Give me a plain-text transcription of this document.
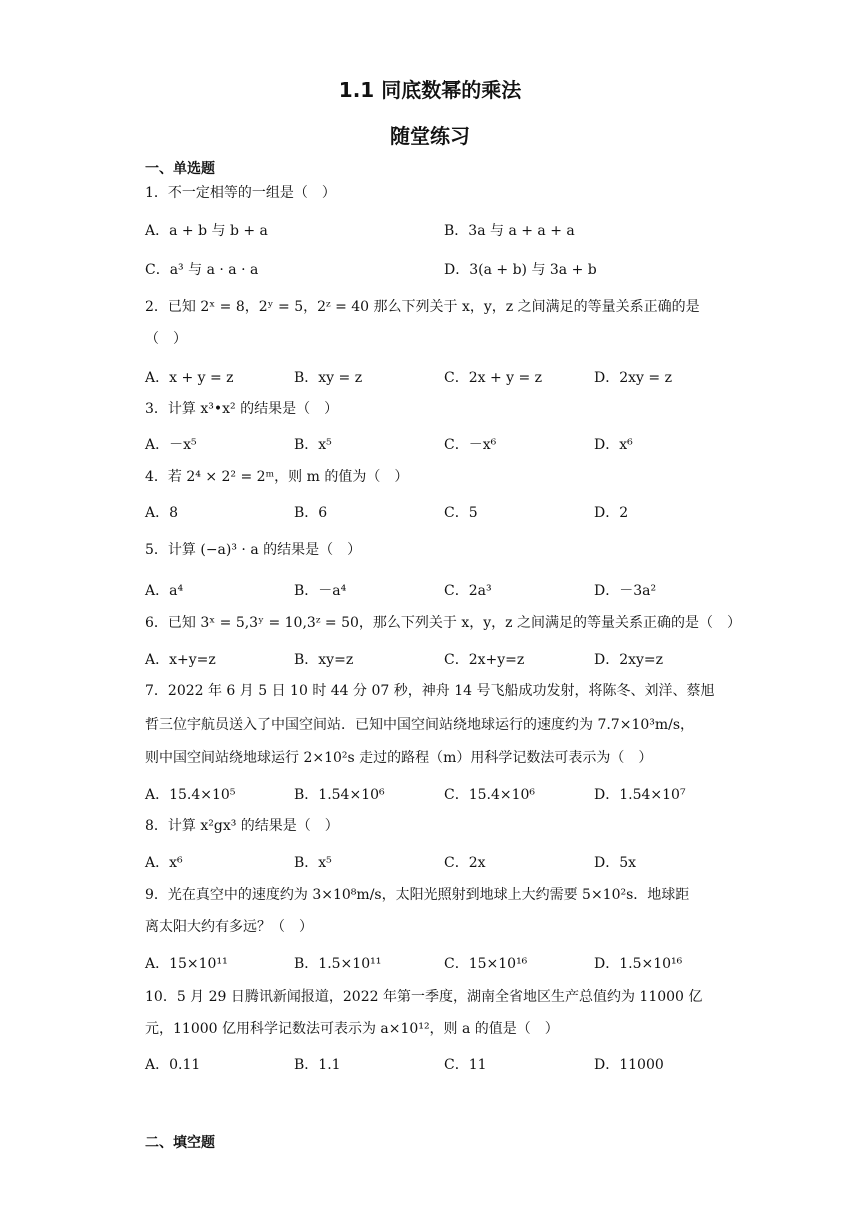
1.1 同底数幂的乘法
随堂练习
一、单选题
1．不一定相等的一组是（　）
A．a + b 与 b + a	B．3a 与 a + a + a
C．a³ 与 a · a · a	D．3(a + b) 与 3a + b
2．已知 2ˣ = 8，2ʸ = 5，2ᶻ = 40 那么下列关于 x，y，z 之间满足的等量关系正确的是
（　）
A．x + y = z	B．xy = z	C．2x + y = z	D．2xy = z
3．计算 x³•x² 的结果是（　）
A．－x⁵	B．x⁵	C．－x⁶	D．x⁶
4．若 2⁴ × 2² = 2ᵐ，则 m 的值为（　）
A．8	B．6	C．5	D．2
5．计算 (−a)³ · a 的结果是（　）
A．a⁴	B．－a⁴	C．2a³	D．－3a²
6．已知 3ˣ = 5,3ʸ = 10,3ᶻ = 50，那么下列关于 x，y，z 之间满足的等量关系正确的是（　）
A．x+y=z	B．xy=z	C．2x+y=z	D．2xy=z
7．2022 年 6 月 5 日 10 时 44 分 07 秒，神舟 14 号飞船成功发射，将陈冬、刘洋、蔡旭
哲三位宇航员送入了中国空间站．已知中国空间站绕地球运行的速度约为 7.7×10³m/s，
则中国空间站绕地球运行 2×10²s 走过的路程（m）用科学记数法可表示为（　）
A．15.4×10⁵	B．1.54×10⁶	C．15.4×10⁶	D．1.54×10⁷
8．计算 x²gx³ 的结果是（　）
A．x⁶	B．x⁵	C．2x	D．5x
9．光在真空中的速度约为 3×10⁸m/s，太阳光照射到地球上大约需要 5×10²s．地球距
离太阳大约有多远？（　）
A．15×10¹¹	B．1.5×10¹¹	C．15×10¹⁶	D．1.5×10¹⁶
10．5 月 29 日腾讯新闻报道，2022 年第一季度，湖南全省地区生产总值约为 11000 亿
元，11000 亿用科学记数法可表示为 a×10¹²，则 a 的值是（　）
A．0.11	B．1.1	C．11	D．11000
二、填空题
